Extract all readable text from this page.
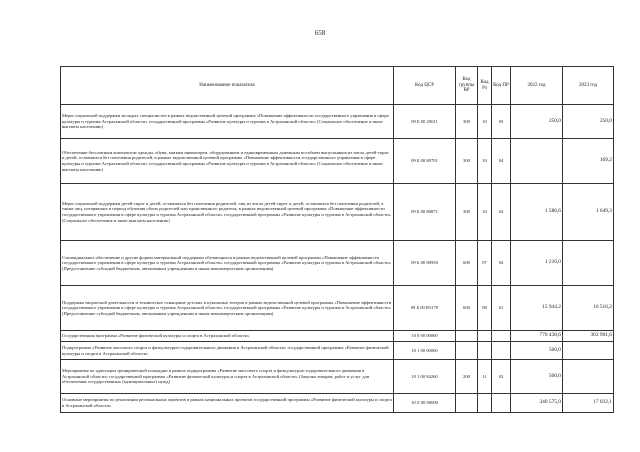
658
Наименование показателя	Код ЦСР	Код группы ВР	Код Рз	Код ПР	2022 год	2023 год
Меры социальной поддержки молодых специалистов в рамках ведомственной целевой программы «Повышение эффективности государственного управления в сфере культуры и туризма Астраханской области» государственной программы «Развитие культуры и туризма в Астраханской области» (Социальное обеспечение и иные выплаты населению)	09 Б 00 29011	300	10	03	250,0	250,0
Обеспечение бесплатным комплектом одежды, обуви, мягким инвентарем, оборудованием и единовременным денежным пособием выпускников из числа детей-сирот и детей, оставшихся без попечения родителей, в рамках ведомственной целевой программы «Повышение эффективности государственного управления в сфере культуры и туризма Астраханской области» государственной программы «Развитие культуры и туризма в Астраханской области» (Социальное обеспечение и иные выплаты населению)	09 Б 00 80701	300	10	04		169,2
Меры социальной поддержки детей-сирот и детей, оставшихся без попечения родителей, лиц из числа детей-сирот и детей, оставшихся без попечения родителей, а также лиц, потерявших в период обучения обоих родителей или единственного родителя, в рамках ведомственной целевой программы «Повышение эффективности государственного управления в сфере культуры и туризма Астраханской области» государственной программы «Развитие культуры и туризма в Астраханской области» (Социальное обеспечение и иные выплаты населению)	09 Б 00 80871	300	10	04	1 586,6	1 649,3
Стипендиальное обеспечение и другие формы материальной поддержки обучающихся в рамках ведомственной целевой программы «Повышение эффективности государственного управления в сфере культуры и туризма Астраханской области» государственной программы «Развитие культуры и туризма в Астраханской области» (Предоставление субсидий бюджетным, автономным учреждениям и иным некоммерческим организациям)	09 Б 00 80950	600	07	04	1 216,0	
Поддержка творческой деятельности и техническое оснащение детских и кукольных театров в рамках ведомственной целевой программы «Повышение эффективности государственного управления в сфере культуры и туризма Астраханской области» государственной программы «Развитие культуры и туризма в Астраханской области» (Предоставление субсидий бюджетным, автономным учреждениям и иным некоммерческим организациям)	09 Б 00 R5170	600	08	01	15 944,2	16 516,2
Государственная программа «Развитие физической культуры и спорта в Астраханской области»	10 0 00 00000				770 438,6	363 901,6
Подпрограмма «Развитие массового спорта и физкультурно-оздоровительного движения в Астраханской области» государственной программы «Развитие физической культуры и спорта в Астраханской области»	10 1 00 00000				560,0	
Мероприятия по адаптации тренировочной площадки в рамках подпрограммы «Развитие массового спорта и физкультурно-оздоровительного движения в Астраханской области» государственной программы «Развитие физической культуры и спорта в Астраханской области» (Закупка товаров, работ и услуг для обеспечения государственных (муниципальных) нужд)	10 1 00 84260	200	11	02	560,0	
Основные мероприятия по реализации региональных проектов в рамках национальных проектов государственной программы «Развитие физической культуры и спорта в Астраханской области»	10 Z 00 00000				340 575,0	17 032,1
